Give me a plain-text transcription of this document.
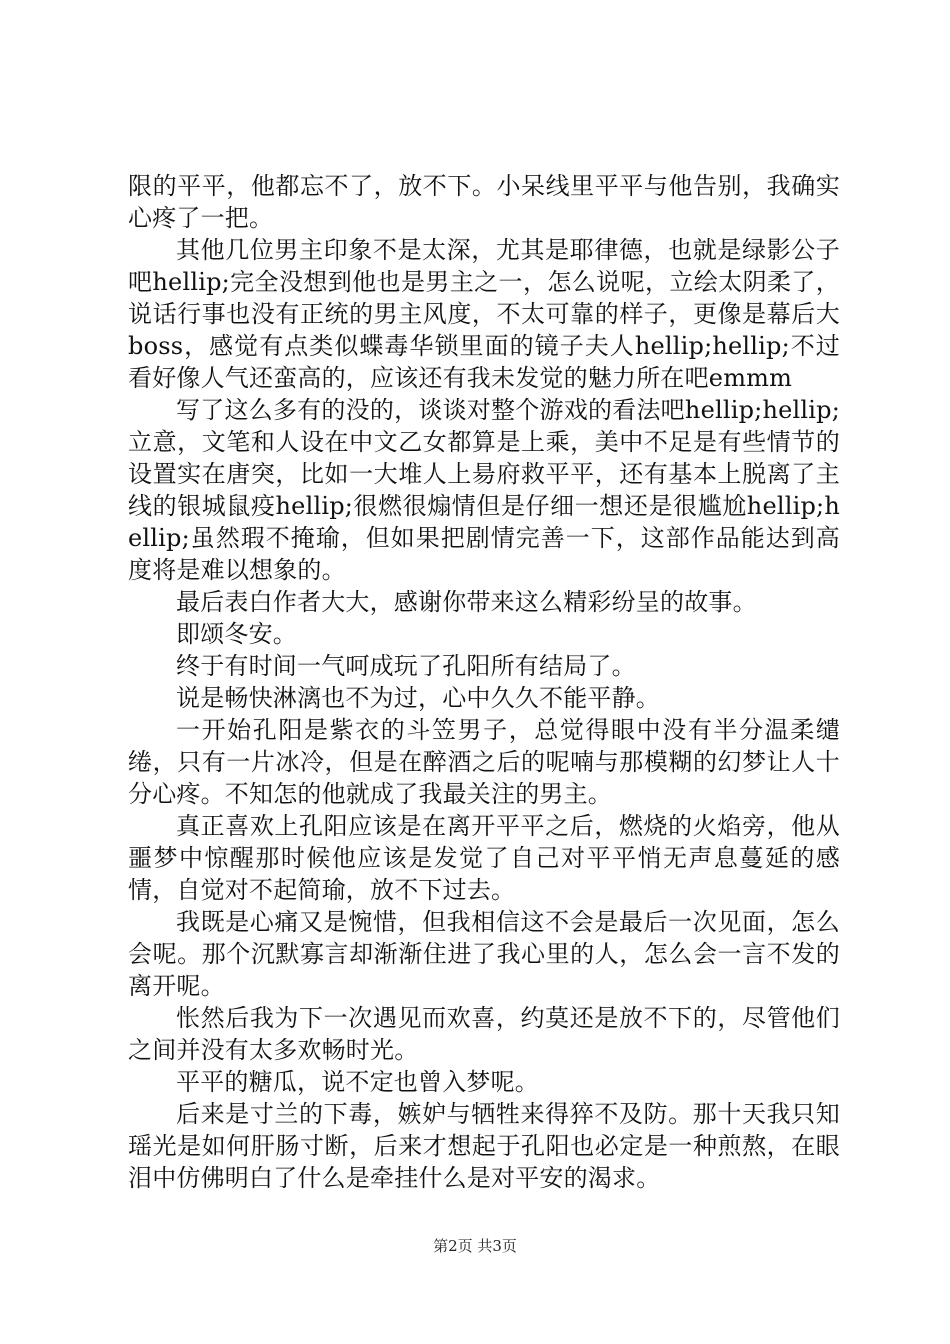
限的平平，他都忘不了，放不下。小呆线里平平与他告别，我确实心疼了一把。

其他几位男主印象不是太深，尤其是耶律德，也就是绿影公子吧hellip;完全没想到他也是男主之一，怎么说呢，立绘太阴柔了，说话行事也没有正统的男主风度，不太可靠的样子，更像是幕后大boss，感觉有点类似蝶毒华锁里面的镜子夫人hellip;hellip;不过看好像人气还蛮高的，应该还有我未发觉的魅力所在吧emmm

写了这么多有的没的，谈谈对整个游戏的看法吧hellip;hellip;立意，文笔和人设在中文乙女都算是上乘，美中不足是有些情节的设置实在唐突，比如一大堆人上昜府救平平，还有基本上脱离了主线的银城鼠疫hellip;很燃很煽情但是仔细一想还是很尴尬hellip;hellip;虽然瑕不掩瑜，但如果把剧情完善一下，这部作品能达到高度将是难以想象的。

最后表白作者大大，感谢你带来这么精彩纷呈的故事。

即颂冬安。

终于有时间一气呵成玩了孔阳所有结局了。

说是畅快淋漓也不为过，心中久久不能平静。

一开始孔阳是紫衣的斗笠男子，总觉得眼中没有半分温柔缱绻，只有一片冰冷，但是在醉酒之后的呢喃与那模糊的幻梦让人十分心疼。不知怎的他就成了我最关注的男主。

真正喜欢上孔阳应该是在离开平平之后，燃烧的火焰旁，他从噩梦中惊醒那时候他应该是发觉了自己对平平悄无声息蔓延的感情，自觉对不起简瑜，放不下过去。

我既是心痛又是惋惜，但我相信这不会是最后一次见面，怎么会呢。那个沉默寡言却渐渐住进了我心里的人，怎么会一言不发的离开呢。

怅然后我为下一次遇见而欢喜，约莫还是放不下的，尽管他们之间并没有太多欢畅时光。

平平的糖瓜，说不定也曾入梦呢。

后来是寸兰的下毒，嫉妒与牺牲来得猝不及防。那十天我只知瑶光是如何肝肠寸断，后来才想起于孔阳也必定是一种煎熬，在眼泪中仿佛明白了什么是牵挂什么是对平安的渴求。

第2页 共3页
